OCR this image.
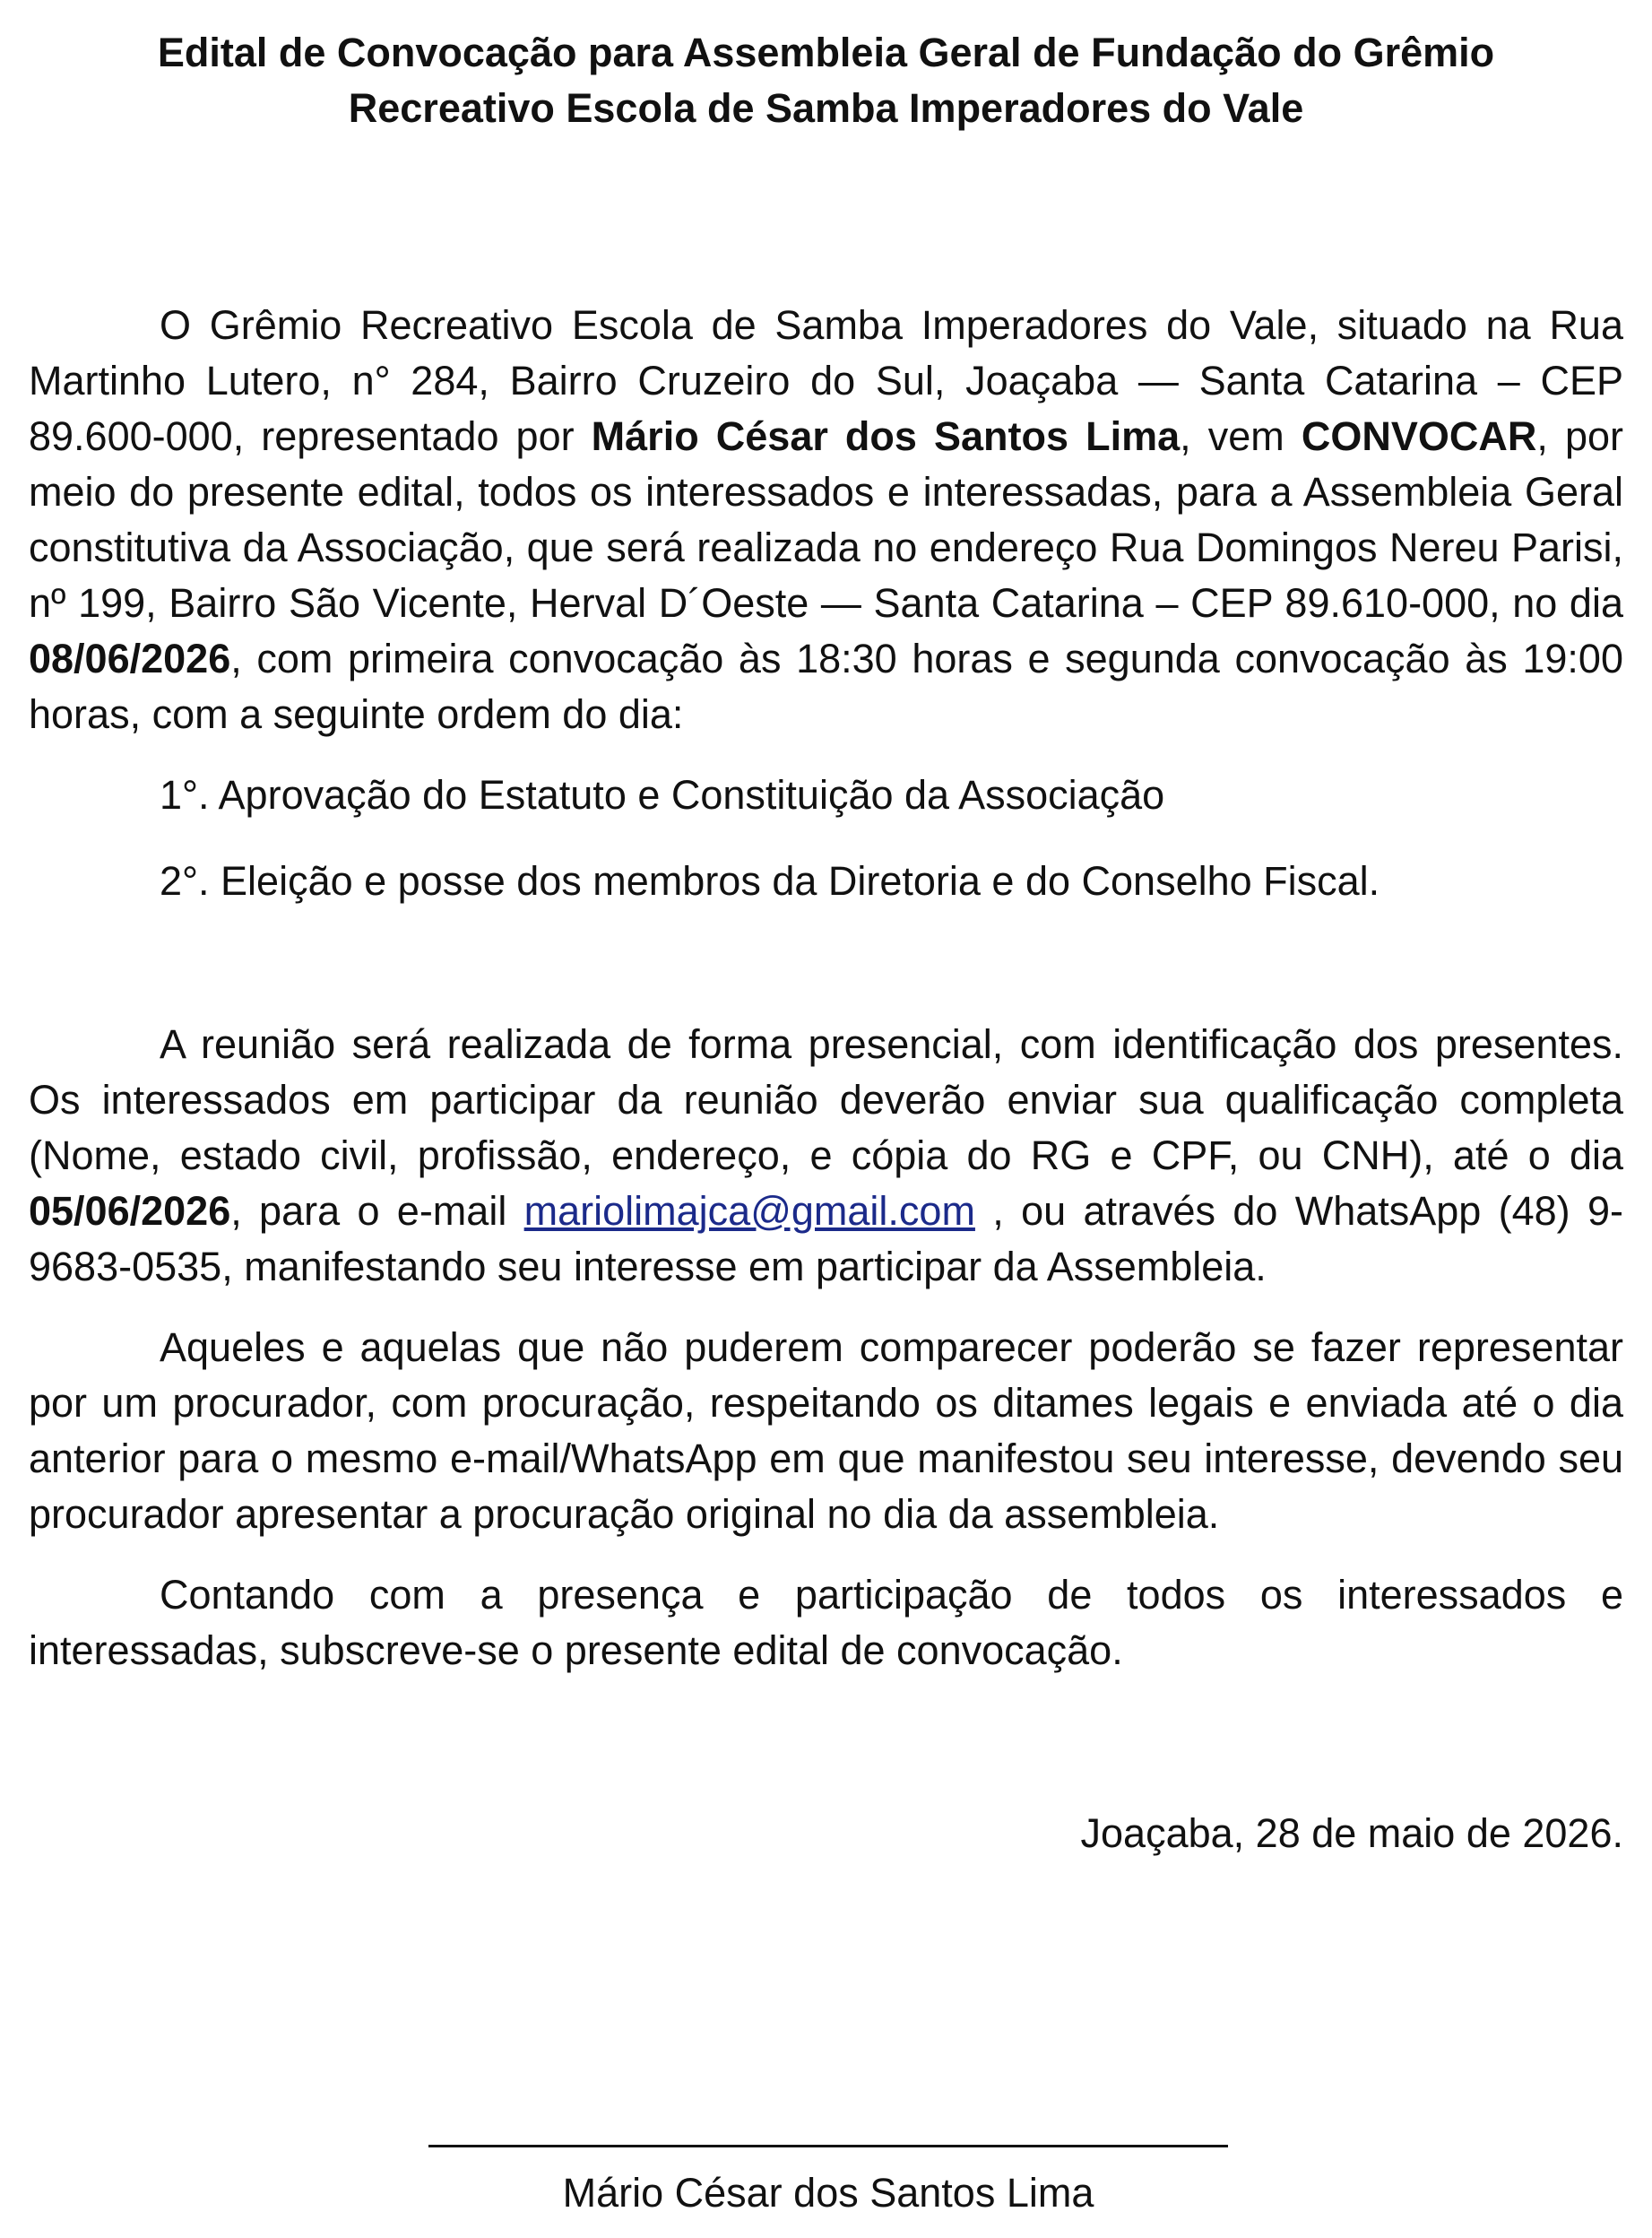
Edital de Convocação para Assembleia Geral de Fundação do Grêmio
Recreativo Escola de Samba Imperadores do Vale

O Grêmio Recreativo Escola de Samba Imperadores do Vale, situado na Rua Martinho Lutero, n° 284, Bairro Cruzeiro do Sul, Joaçaba — Santa Catarina – CEP 89.600-000, representado por Mário César dos Santos Lima, vem CONVOCAR, por meio do presente edital, todos os interessados e interessadas, para a Assembleia Geral constitutiva da Associação, que será realizada no endereço Rua Domingos Nereu Parisi, nº 199, Bairro São Vicente, Herval D´Oeste — Santa Catarina – CEP 89.610-000, no dia 08/06/2026, com primeira convocação às 18:30 horas e segunda convocação às 19:00 horas, com a seguinte ordem do dia:

1°. Aprovação do Estatuto e Constituição da Associação

2°. Eleição e posse dos membros da Diretoria e do Conselho Fiscal.

A reunião será realizada de forma presencial, com identificação dos presentes. Os interessados em participar da reunião deverão enviar sua qualificação completa (Nome, estado civil, profissão, endereço, e cópia do RG e CPF, ou CNH), até o dia 05/06/2026, para o e-mail mariolimajca@gmail.com , ou através do WhatsApp (48) 9-9683-0535, manifestando seu interesse em participar da Assembleia.

Aqueles e aquelas que não puderem comparecer poderão se fazer representar por um procurador, com procuração, respeitando os ditames legais e enviada até o dia anterior para o mesmo e-mail/WhatsApp em que manifestou seu interesse, devendo seu procurador apresentar a procuração original no dia da assembleia.

Contando com a presença e participação de todos os interessados e interessadas, subscreve-se o presente edital de convocação.

Joaçaba, 28 de maio de 2026.

Mário César dos Santos Lima
